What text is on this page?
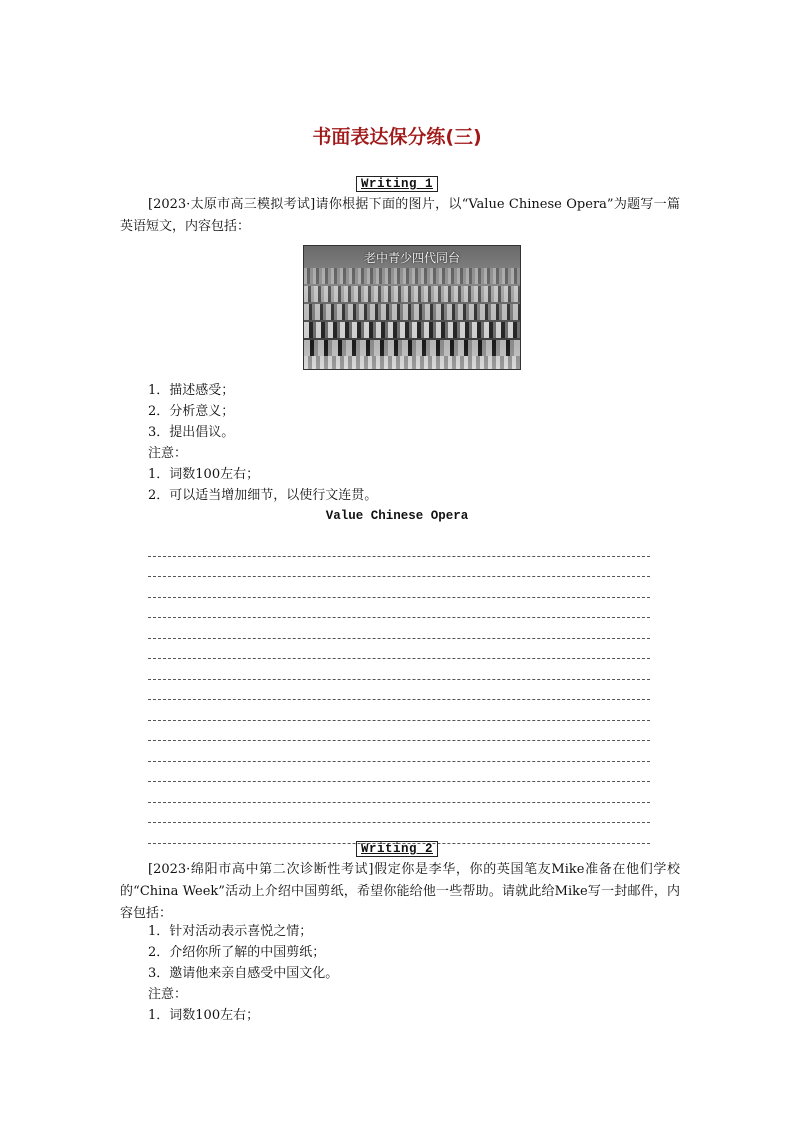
书面表达保分练(三)
Writing 1
[2023·太原市高三模拟考试]请你根据下面的图片，以“Value Chinese Opera”为题写一篇英语短文，内容包括：
老中青少四代同台
1．描述感受；
2．分析意义；
3．提出倡议。
注意：
1．词数100左右；
2．可以适当增加细节，以使行文连贯。
Value Chinese Opera
Writing 2
[2023·绵阳市高中第二次诊断性考试]假定你是李华，你的英国笔友Mike准备在他们学校的“China Week”活动上介绍中国剪纸，希望你能给他一些帮助。请就此给Mike写一封邮件，内容包括：
1．针对活动表示喜悦之情；
2．介绍你所了解的中国剪纸；
3．邀请他来亲自感受中国文化。
注意：
1．词数100左右；
